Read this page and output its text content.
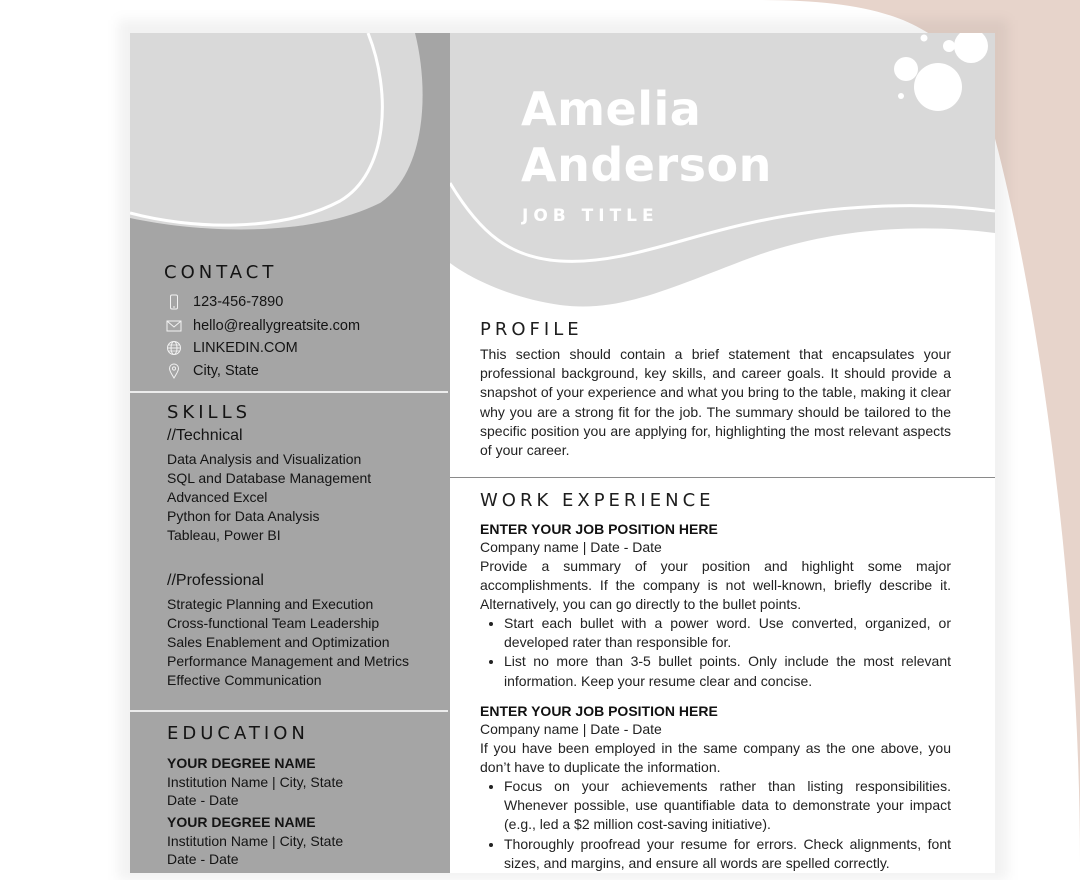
CONTACT
123-456-7890
hello@reallygreatsite.com
LINKEDIN.COM
City, State
SKILLS
//Technical
Data Analysis and Visualization
SQL and Database Management
Advanced Excel
Python for Data Analysis
Tableau, Power BI
//Professional
Strategic Planning and Execution
Cross-functional Team Leadership
Sales Enablement and Optimization
Performance Management and Metrics
Effective Communication
EDUCATION
YOUR DEGREE NAME
Institution Name | City, State
Date - Date
YOUR DEGREE NAME
Institution Name | City, State
Date - Date
Amelia
Anderson
JOB TITLE
PROFILE

This section should contain a brief statement that encapsulates your professional background, key skills, and career goals. It should provide a snapshot of your experience and what you bring to the table, making it clear why you are a strong fit for the job. The summary should be tailored to the specific position you are applying for, highlighting the most relevant aspects of your career.

WORK EXPERIENCE
ENTER YOUR JOB POSITION HERE
Company name | Date - Date

Provide a summary of your position and highlight some major accomplishments. If the company is not well-known, briefly describe it. Alternatively, you can go directly to the bullet points.

• Start each bullet with a power word. Use converted, organized, or developed rater than responsible for.
• List no more than 3-5 bullet points. Only include the most relevant information. Keep your resume clear and concise.
ENTER YOUR JOB POSITION HERE
Company name | Date - Date

If you have been employed in the same company as the one above, you don’t have to duplicate the information.

• Focus on your achievements rather than listing responsibilities. Whenever possible, use quantifiable data to demonstrate your impact (e.g., led a $2 million cost-saving initiative).
• Thoroughly proofread your resume for errors. Check alignments, font sizes, and margins, and ensure all words are spelled correctly.
